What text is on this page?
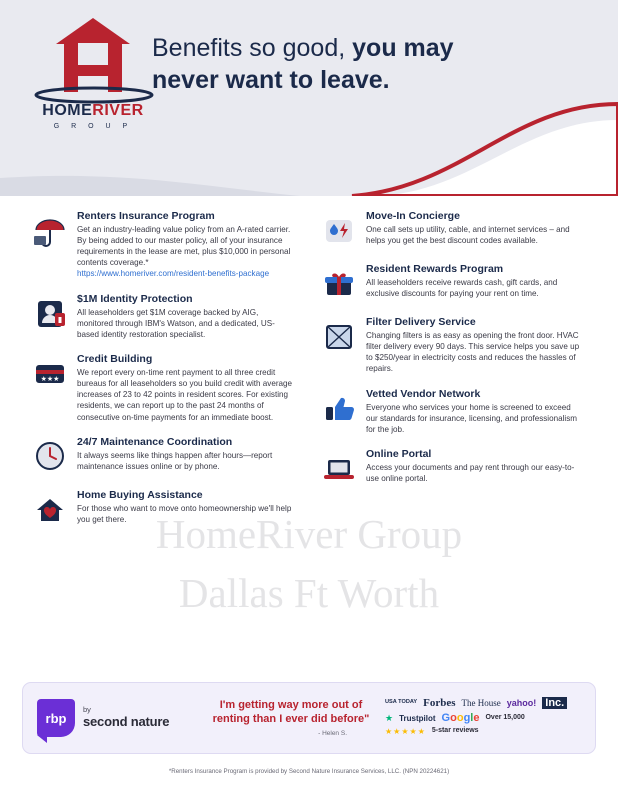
HOMERIVER
G R O U P
Benefits so good, you may
never want to leave.
HomeRiver Group
Dallas Ft Worth
Renters Insurance Program

Get an industry-leading value policy from an A-rated carrier. By being added to our master policy, all of your insurance requirements in the lease are met, plus $10,000 in personal contents coverage.*

https://www.homeriver.com/resident-benefits-package
$1M Identity Protection

All leaseholders get $1M coverage backed by AIG, monitored through IBM's Watson, and a dedicated, US-based identity restoration specialist.

★★★
Credit Building

We report every on-time rent payment to all three credit bureaus for all leaseholders so you build credit with average increases of 23 to 42 points in resident scores. For existing residents, we can report up to the past 24 months of consecutive on-time payments for an immediate boost.

24/7 Maintenance Coordination

It always seems like things happen after hours—report maintenance issues online or by phone.

Home Buying Assistance

For those who want to move onto homeownership we'll help you get there.

Move-In Concierge

One call sets up utility, cable, and internet services – and helps you get the best discount codes available.

Resident Rewards Program

All leaseholders receive rewards cash, gift cards, and exclusive discounts for paying your rent on time.

Filter Delivery Service

Changing filters is as easy as opening the front door. HVAC filter delivery every 90 days. This service helps you save up to $250/year in electricity costs and reduces the hassles of repairs.

Vetted Vendor Network

Everyone who services your home is screened to exceed our standards for insurance, licensing, and professionalism for the job.

Online Portal

Access your documents and pay rent through our easy-to-use online portal.

rbp
by
second nature
I'm getting way more out of renting than I ever did before"
- Helen S.
USA TODAY Forbes The House yahoo! Inc.
★ Trustpilot Google Over 15,000
★★★★★ 5-star reviews
*Renters Insurance Program is provided by Second Nature Insurance Services, LLC. (NPN 20224621)
